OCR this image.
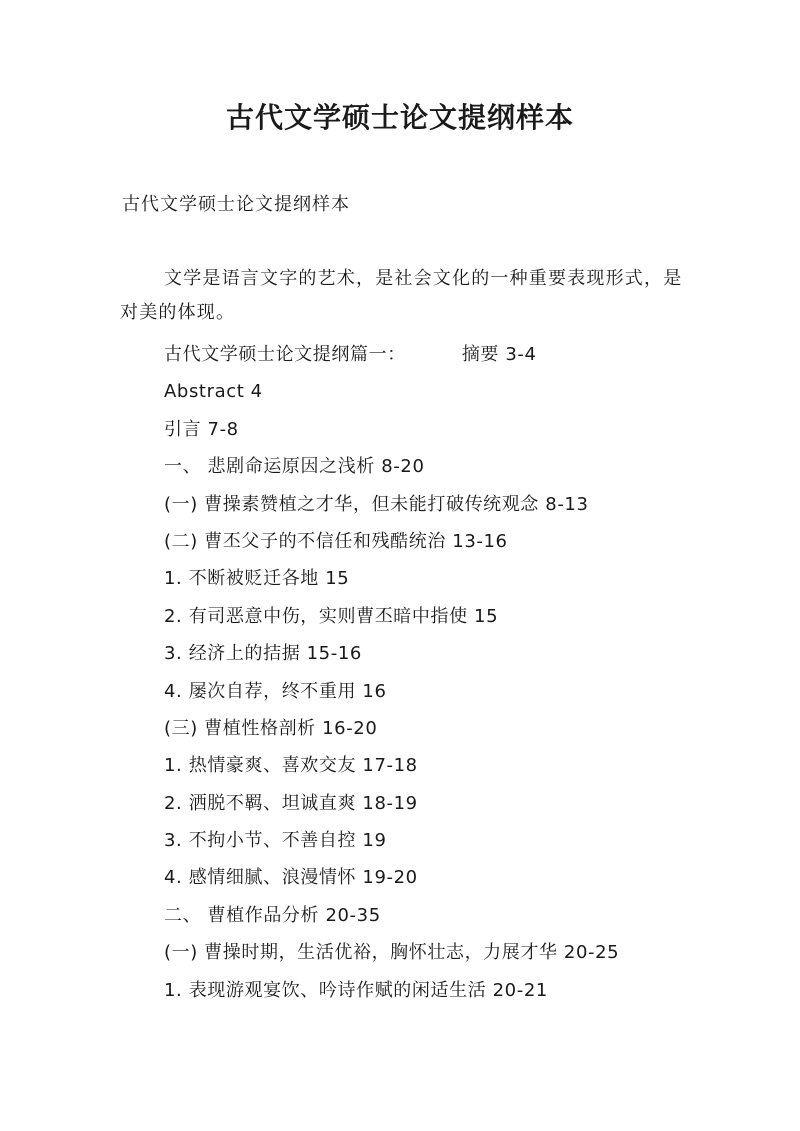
古代文学硕士论文提纲样本

古代文学硕士论文提纲样本

文学是语言文字的艺术，是社会文化的一种重要表现形式，是对美的体现。

古代文学硕士论文提纲篇一：	摘要 3-4
Abstract 4
引言 7-8
一、 悲剧命运原因之浅析 8-20
(一) 曹操素赞植之才华，但未能打破传统观念 8-13
(二) 曹丕父子的不信任和残酷统治 13-16
1. 不断被贬迁各地 15
2. 有司恶意中伤，实则曹丕暗中指使 15
3. 经济上的拮据 15-16
4. 屡次自荐，终不重用 16
(三) 曹植性格剖析 16-20
1. 热情豪爽、喜欢交友 17-18
2. 洒脱不羁、坦诚直爽 18-19
3. 不拘小节、不善自控 19
4. 感情细腻、浪漫情怀 19-20
二、 曹植作品分析 20-35
(一) 曹操时期，生活优裕，胸怀壮志，力展才华 20-25
1. 表现游观宴饮、吟诗作赋的闲适生活 20-21
